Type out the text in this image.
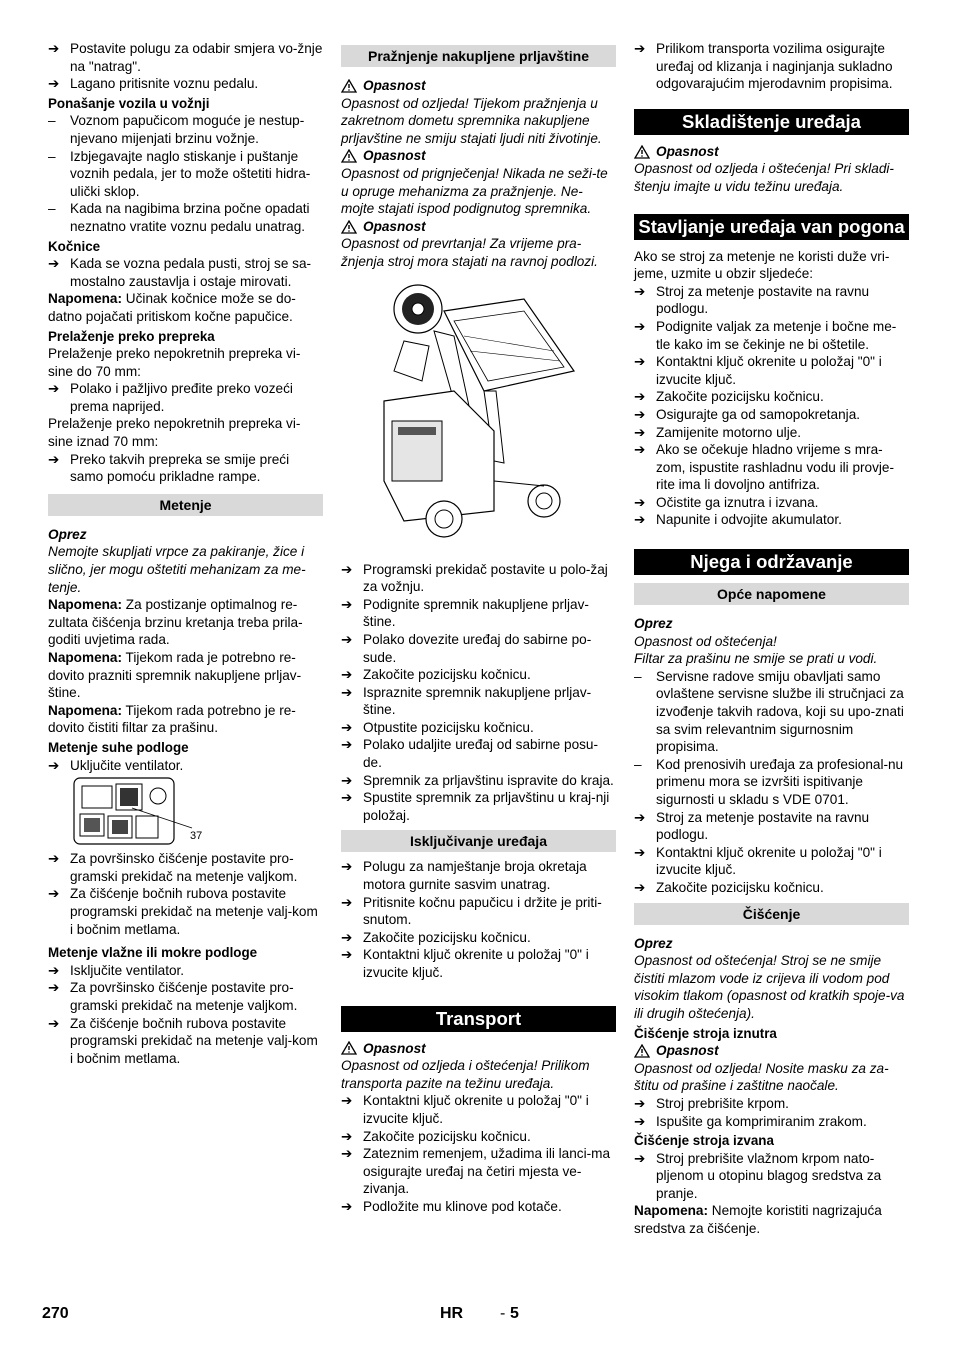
➔ Postavite polugu za odabir smjera vo-žnje na "natrag".
➔ Lagano pritisnite voznu pedalu.
Ponašanje vozila u vožnji
–	Voznom papučicom moguće je nestup-njevano mijenjati brzinu vožnje.
–	Izbjegavajte naglo stiskanje i puštanje voznih pedala, jer to može oštetiti hidra-ulički sklop.
–	Kada na nagibima brzina počne opadati neznatno vratite voznu pedalu unatrag.
Kočnice
➔ Kada se vozna pedala pusti, stroj se sa-mostalno zaustavlja i ostaje mirovati.

Napomena: Učinak kočnice može se do-datno pojačati pritiskom kočne papučice.

Prelaženje preko prepreka

Prelaženje preko nepokretnih prepreka vi-sine do 70 mm:

➔ Polako i pažljivo pređite preko vozeći prema naprijed.

Prelaženje preko nepokretnih prepreka vi-sine iznad 70 mm:

➔ Preko takvih prepreka se smije preći samo pomoću prikladne rampe.
Metenje
Oprez

Nemojte skupljati vrpce za pakiranje, žice i slično, jer mogu oštetiti mehanizam za me-tenje.

Napomena: Za postizanje optimalnog re-zultata čišćenja brzinu kretanja treba prila-goditi uvjetima rada.

Napomena: Tijekom rada je potrebno re-dovito prazniti spremnik nakupljene prljav-štine.

Napomena: Tijekom rada potrebno je re-dovito čistiti filtar za prašinu.

Metenje suhe podloge
➔ Uključite ventilator.
37
➔ Za površinsko čišćenje postavite pro-gramski prekidač na metenje valjkom.
➔ Za čišćenje bočnih rubova postavite programski prekidač na metenje valj-kom i bočnim metlama.
Metenje vlažne ili mokre podloge
➔ Isključite ventilator.
➔ Za površinsko čišćenje postavite pro-gramski prekidač na metenje valjkom.
➔ Za čišćenje bočnih rubova postavite programski prekidač na metenje valj-kom i bočnim metlama.
Pražnjenje nakupljene prljavštine
Opasnost

Opasnost od ozljeda! Tijekom pražnjenja u zakretnom dometu spremnika nakupljene prljavštine ne smiju stajati ljudi niti životinje.

Opasnost

Opasnost od prignječenja! Nikada ne seži-te u opruge mehanizma za pražnjenje. Ne-mojte stajati ispod podignutog spremnika.

Opasnost

Opasnost od prevrtanja! Za vrijeme pra-žnjenja stroj mora stajati na ravnoj podlozi.

➔ Programski prekidač postavite u polo-žaj za vožnju.
➔ Podignite spremnik nakupljene prljav-štine.
➔ Polako dovezite uređaj do sabirne po-sude.
➔ Zakočite pozicijsku kočnicu.
➔ Ispraznite spremnik nakupljene prljav-štine.
➔ Otpustite pozicijsku kočnicu.
➔ Polako udaljite uređaj od sabirne posu-de.
➔ Spremnik za prljavštinu ispravite do kraja.
➔ Spustite spremnik za prljavštinu u kraj-nji položaj.
Isključivanje uređaja
➔ Polugu za namještanje broja okretaja motora gurnite sasvim unatrag.
➔ Pritisnite kočnu papučicu i držite je priti-snutom.
➔ Zakočite pozicijsku kočnicu.
➔ Kontaktni ključ okrenite u položaj "0" i izvucite ključ.
Transport
Opasnost

Opasnost od ozljeda i oštećenja! Prilikom transporta pazite na težinu uređaja.

➔ Kontaktni ključ okrenite u položaj "0" i izvucite ključ.
➔ Zakočite pozicijsku kočnicu.
➔ Zateznim remenjem, užadima ili lanci-ma osigurajte uređaj na četiri mjesta ve-zivanja.
➔ Podložite mu klinove pod kotače.
➔ Prilikom transporta vozilima osigurajte uređaj od klizanja i naginjanja sukladno odgovarajućim mjerodavnim propisima.
Skladištenje uređaja
Opasnost

Opasnost od ozljeda i oštećenja! Pri skladi-štenju imajte u vidu težinu uređaja.

Stavljanje uređaja van pogona

Ako se stroj za metenje ne koristi duže vri-jeme, uzmite u obzir sljedeće:

➔ Stroj za metenje postavite na ravnu podlogu.
➔ Podignite valjak za metenje i bočne me-tle kako im se čekinje ne bi oštetile.
➔ Kontaktni ključ okrenite u položaj "0" i izvucite ključ.
➔ Zakočite pozicijsku kočnicu.
➔ Osigurajte ga od samopokretanja.
➔ Zamijenite motorno ulje.
➔ Ako se očekuje hladno vrijeme s mra-zom, ispustite rashladnu vodu ili provje-rite ima li dovoljno antifriza.
➔ Očistite ga iznutra i izvana.
➔ Napunite i odvojite akumulator.
Njega i održavanje
Opće napomene
Oprez

Opasnost od oštećenja!

Filtar za prašinu ne smije se prati u vodi.

–	Servisne radove smiju obavljati samo ovlaštene servisne službe ili stručnjaci za izvođenje takvih radova, koji su upo-znati sa svim relevantnim sigurnosnim propisima.
–	Kod prenosivih uređaja za profesional-nu primenu mora se izvršiti ispitivanje sigurnosti u skladu s VDE 0701.
➔ Stroj za metenje postavite na ravnu podlogu.
➔ Kontaktni ključ okrenite u položaj "0" i izvucite ključ.
➔ Zakočite pozicijsku kočnicu.
Čišćenje
Oprez

Opasnost od oštećenja! Stroj se ne smije čistiti mlazom vode iz crijeva ili vodom pod visokim tlakom (opasnost od kratkih spoje-va ili drugih oštećenja).

Čišćenje stroja iznutra
Opasnost

Opasnost od ozljeda! Nosite masku za za-štitu od prašine i zaštitne naočale.

➔ Stroj prebrišite krpom.
➔ Ispušite ga komprimiranim zrakom.
Čišćenje stroja izvana
➔ Stroj prebrišite vlažnom krpom nato-pljenom u otopinu blagog sredstva za pranje.

Napomena: Nemojte koristiti nagrizajuća sredstva za čišćenje.

270	HR - 5
